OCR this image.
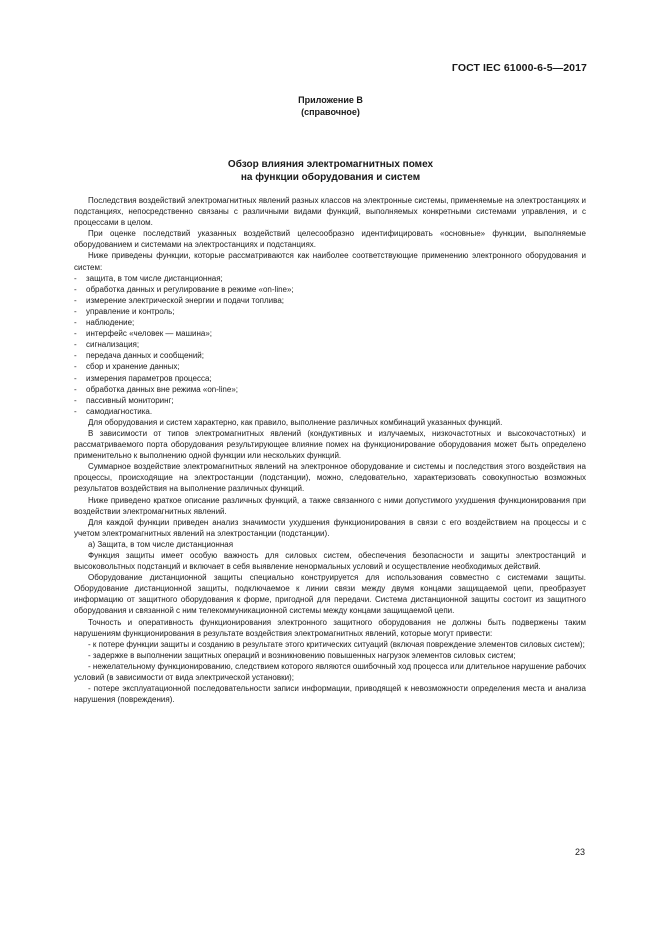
ГОСТ IEC 61000-6-5—2017
Приложение В
(справочное)
Обзор влияния электромагнитных помех
на функции оборудования и систем

Последствия воздействий электромагнитных явлений разных классов на электронные системы, применяемые на электростанциях и подстанциях, непосредственно связаны с различными видами функций, выполняемых конкретными системами управления, и с процессами в целом.

При оценке последствий указанных воздействий целесообразно идентифицировать «основные» функции, выполняемые оборудованием и системами на электростанциях и подстанциях.

Ниже приведены функции, которые рассматриваются как наиболее соответствующие применению электронного оборудования и систем:

- защита, в том числе дистанционная;

- обработка данных и регулирование в режиме «on-line»;

- измерение электрической энергии и подачи топлива;

- управление и контроль;

- наблюдение;

- интерфейс «человек — машина»;

- сигнализация;

- передача данных и сообщений;

- сбор и хранение данных;

- измерения параметров процесса;

- обработка данных вне режима «on-line»;

- пассивный мониторинг;

- самодиагностика.

Для оборудования и систем характерно, как правило, выполнение различных комбинаций указанных функций.

В зависимости от типов электромагнитных явлений (кондуктивных и излучаемых, низкочастотных и высокочастотных) и рассматриваемого порта оборудования результирующее влияние помех на функционирование оборудования может быть определено применительно к выполнению одной функции или нескольких функций.

Суммарное воздействие электромагнитных явлений на электронное оборудование и системы и последствия этого воздействия на процессы, происходящие на электростанции (подстанции), можно, следовательно, характеризовать совокупностью возможных результатов воздействия на выполнение различных функций.

Ниже приведено краткое описание различных функций, а также связанного с ними допустимого ухудшения функционирования при воздействии электромагнитных явлений.

Для каждой функции приведен анализ значимости ухудшения функционирования в связи с его воздействием на процессы и с учетом электромагнитных явлений на электростанции (подстанции).

а) Защита, в том числе дистанционная

Функция защиты имеет особую важность для силовых систем, обеспечения безопасности и защиты электростанций и высоковольтных подстанций и включает в себя выявление ненормальных условий и осуществление необходимых действий.

Оборудование дистанционной защиты специально конструируется для использования совместно с системами защиты. Оборудование дистанционной защиты, подключаемое к линии связи между двумя концами защищаемой цепи, преобразует информацию от защитного оборудования к форме, пригодной для передачи. Система дистанционной защиты состоит из защитного оборудования и связанной с ним телекоммуникационной системы между концами защищаемой цепи.

Точность и оперативность функционирования электронного защитного оборудования не должны быть подвержены таким нарушениям функционирования в результате воздействия электромагнитных явлений, которые могут привести:

- к потере функции защиты и созданию в результате этого критических ситуаций (включая повреждение элементов силовых систем);

- задержке в выполнении защитных операций и возникновению повышенных нагрузок элементов силовых систем;

- нежелательному функционированию, следствием которого являются ошибочный ход процесса или длительное нарушение рабочих условий (в зависимости от вида электрической установки);

- потере эксплуатационной последовательности записи информации, приводящей к невозможности определения места и анализа нарушения (повреждения).

23
